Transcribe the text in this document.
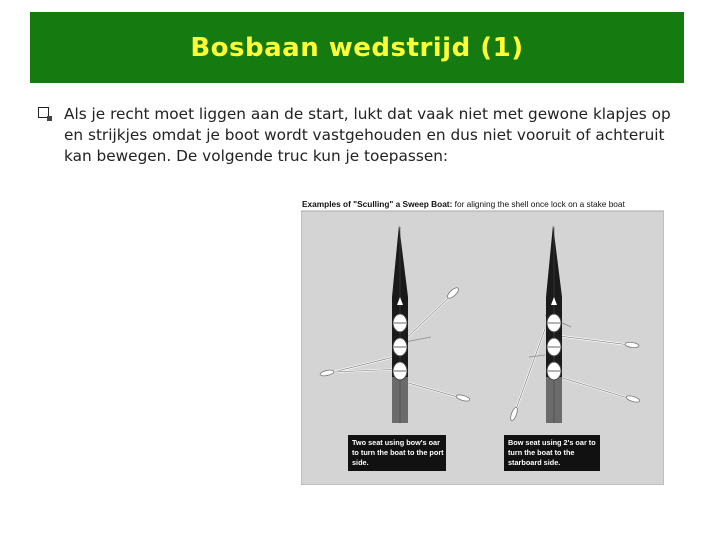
Bosbaan wedstrijd (1)
Als je recht moet liggen aan de start, lukt dat vaak niet met gewone klapjes op en strijkjes omdat je boot wordt vastgehouden en dus niet vooruit of achteruit kan bewegen. De volgende truc kun je toepassen:
Examples of "Sculling" a Sweep Boat: for aligning the shell once lock on a stake boat
Two seat using bow's oar
to turn the boat to the port
side.
Bow seat using 2's oar to
turn the boat to the
starboard side.
